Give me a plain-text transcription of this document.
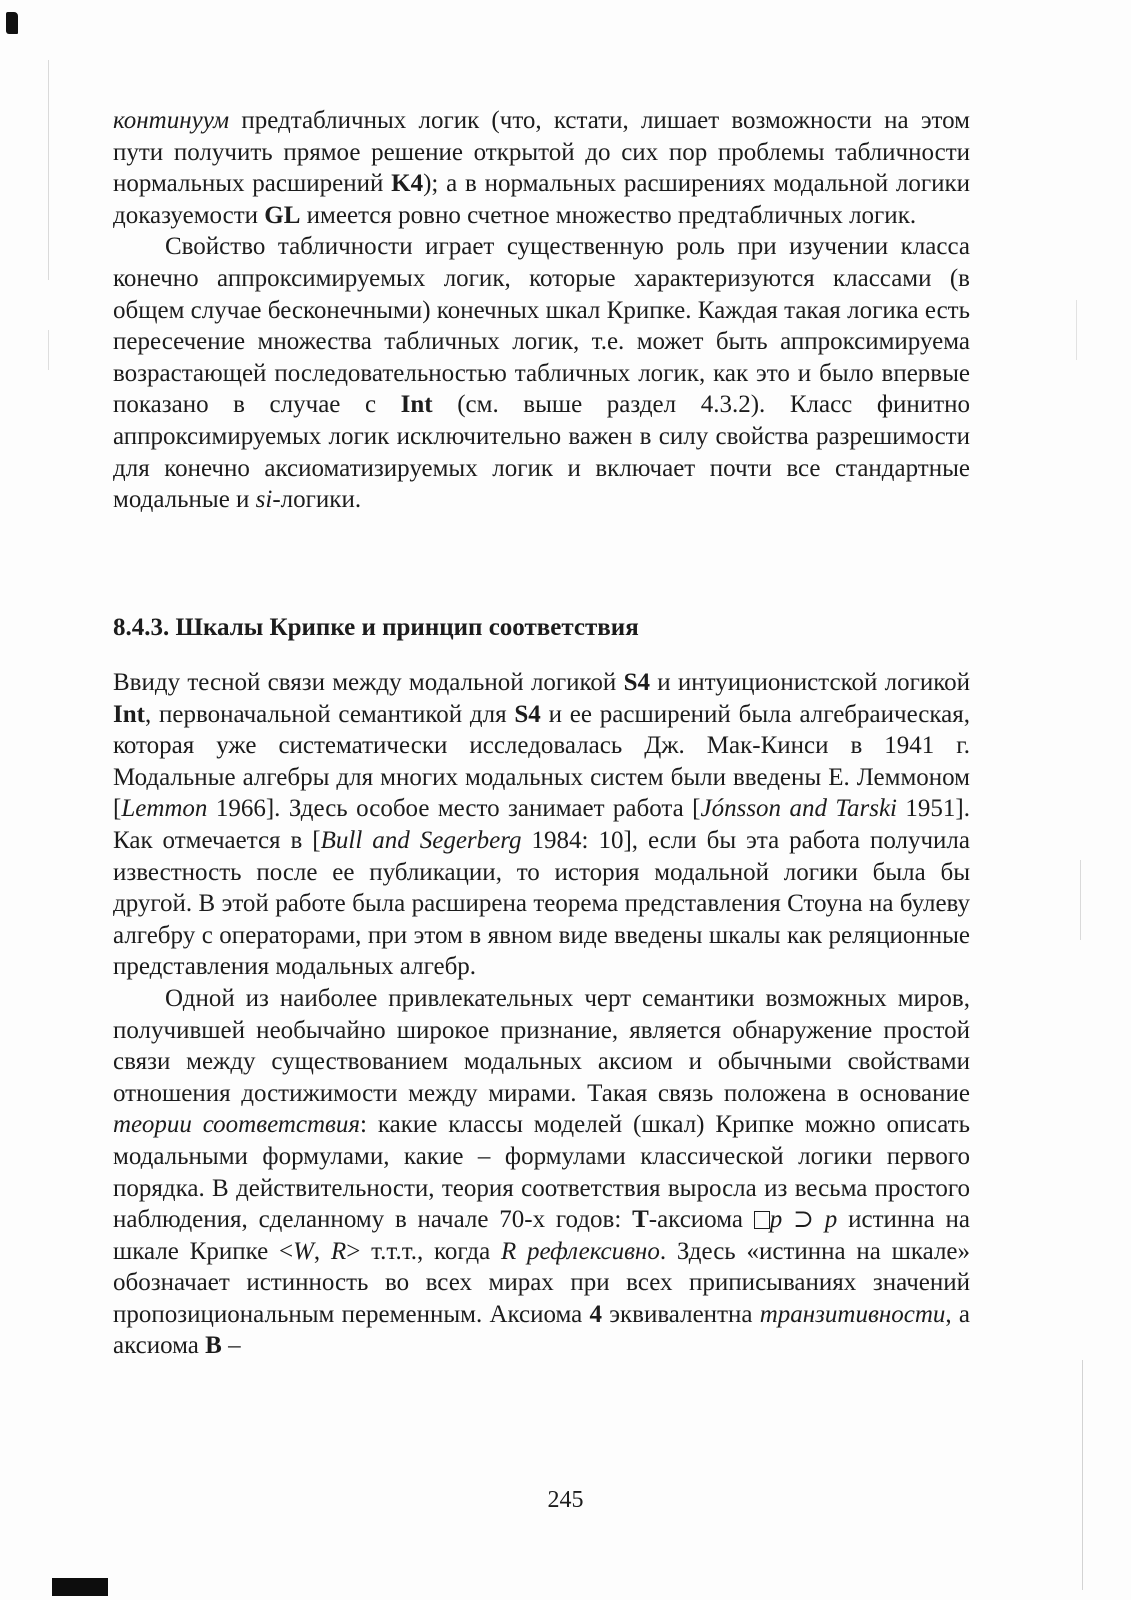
континуум предтабличных логик (что, кстати, лишает возможности на этом пути получить прямое решение открытой до сих пор проблемы табличности нормальных расширений K4); а в нормальных расширениях модальной логики доказуемости GL имеется ровно счетное множество предтабличных логик.

Свойство табличности играет существенную роль при изучении класса конечно аппроксимируемых логик, которые характеризуются классами (в общем случае бесконечными) конечных шкал Крипке. Каждая такая логика есть пересечение множества табличных логик, т.е. может быть аппроксимируема возрастающей последовательностью табличных логик, как это и было впервые показано в случае с Int (см. выше раздел 4.3.2). Класс финитно аппроксимируемых логик исключительно важен в силу свойства разрешимости для конечно аксиоматизируемых логик и включает почти все стандартные модальные и si-логики.

8.4.3. Шкалы Крипке и принцип соответствия

Ввиду тесной связи между модальной логикой S4 и интуиционистской логикой Int, первоначальной семантикой для S4 и ее расширений была алгебраическая, которая уже систематически исследовалась Дж. Мак-Кинси в 1941 г. Модальные алгебры для многих модальных систем были введены Е. Леммоном [Lemmon 1966]. Здесь особое место занимает работа [Jónsson and Tarski 1951]. Как отмечается в [Bull and Segerberg 1984: 10], если бы эта работа получила известность после ее публикации, то история модальной логики была бы другой. В этой работе была расширена теорема представления Стоуна на булеву алгебру с операторами, при этом в явном виде введены шкалы как реляционные представления модальных алгебр.

Одной из наиболее привлекательных черт семантики возможных миров, получившей необычайно широкое признание, является обнаружение простой связи между существованием модальных аксиом и обычными свойствами отношения достижимости между мирами. Такая связь положена в основание теории соответствия: какие классы моделей (шкал) Крипке можно описать модальными формулами, какие – формулами классической логики первого порядка. В действительности, теория соответствия выросла из весьма простого наблюдения, сделанному в начале 70-х годов: T-аксиома p ⊃ p истинна на шкале Крипке <W, R> т.т.т., когда R рефлексивно. Здесь «истинна на шкале» обозначает истинность во всех мирах при всех приписываниях значений пропозициональным переменным. Аксиома 4 эквивалентна транзитивности, а аксиома B –

245
